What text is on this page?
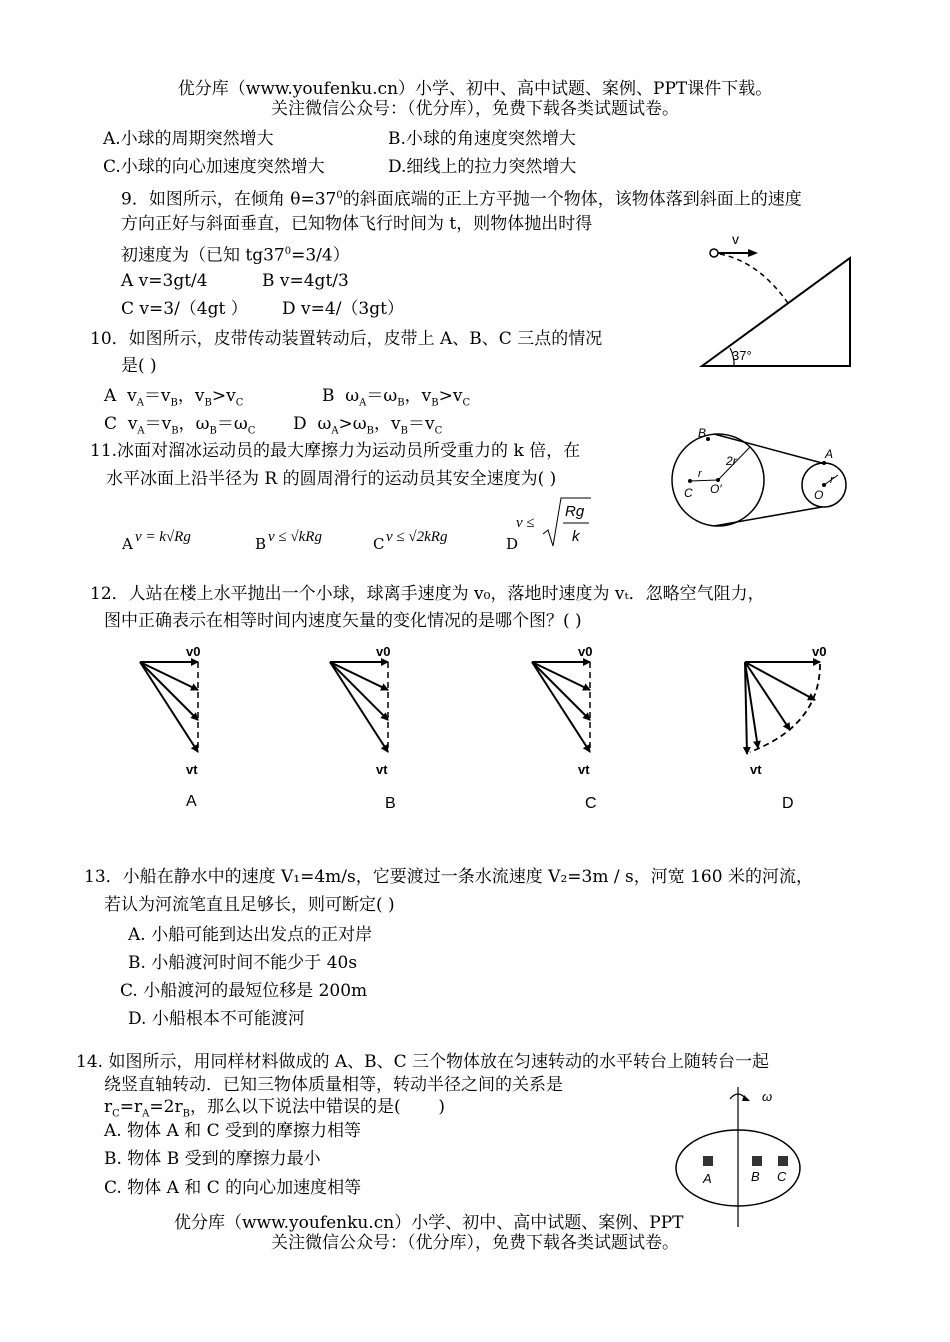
优分库（www.youfenku.cn）小学、初中、高中试题、案例、PPT课件下载。
关注微信公众号：（优分库），免费下载各类试题试卷。
A.小球的周期突然增大	B.小球的角速度突然增大
C.小球的向心加速度突然增大	D.细线上的拉力突然增大
9．如图所示，在倾角 $\theta=37^0$的斜面底端的正上方平抛一个物体，该物体落到斜面上的速度
方向正好与斜面垂直，已知物体飞行时间为 t，则物体抛出时得
初速度为（已知 $tg37^0=3/4$）
A v=3gt/4	B v=4gt/3
C v=3/（4gt ） D v=4/（3gt）
v
37°
10．如图所示，皮带传动装置转动后，皮带上 A、B、C 三点的情况
是( )
A  $v_A=v_B$，$v_B>v_C$	B  $\omega_A=\omega_B$，$v_B>v_C$
C  $v_A=v_B$，$\omega_B=\omega_C$ D  $\omega_A>\omega_B$，$v_B=v_C$	B
C O′
r
2r	A
O
r
11.冰面对溜冰运动员的最大摩擦力为运动员所受重力的 k 倍，在
水平冰面上沿半径为 R 的圆周滑行的运动员其安全速度为( )
A v = k√Rg	B v ≤ √kRg	C v ≤ √2kRg	D
v ≤
Rg
k
12．人站在楼上水平抛出一个小球，球离手速度为 v₀，落地时速度为 vₜ．忽略空气阻力，
图中正确表示在相等时间内速度矢量的变化情况的是哪个图？( )
v0
vt
A
v0
vt
B
v0
vt
C
v0
vt
D
13．小船在静水中的速度 V₁=4m/s，它要渡过一条水流速度 V₂=3m / s，河宽 160 米的河流，
若认为河流笔直且足够长，则可断定( )
A. 小船可能到达出发点的正对岸
B. 小船渡河时间不能少于 40s
C. 小船渡河的最短位移是 200m
D. 小船根本不可能渡河
14. 如图所示，用同样材料做成的 A、B、C 三个物体放在匀速转动的水平转台上随转台一起
绕竖直轴转动．已知三物体质量相等，转动半径之间的关系是
$r_C=r_A=2r_B$，那么以下说法中错误的是(       )
A. 物体 A 和 C 受到的摩擦力相等
B. 物体 B 受到的摩擦力最小
C. 物体 A 和 C 的向心加速度相等
ω
A	B C
优分库（www.youfenku.cn）小学、初中、高中试题、案例、PPT
关注微信公众号：（优分库），免费下载各类试题试卷。
